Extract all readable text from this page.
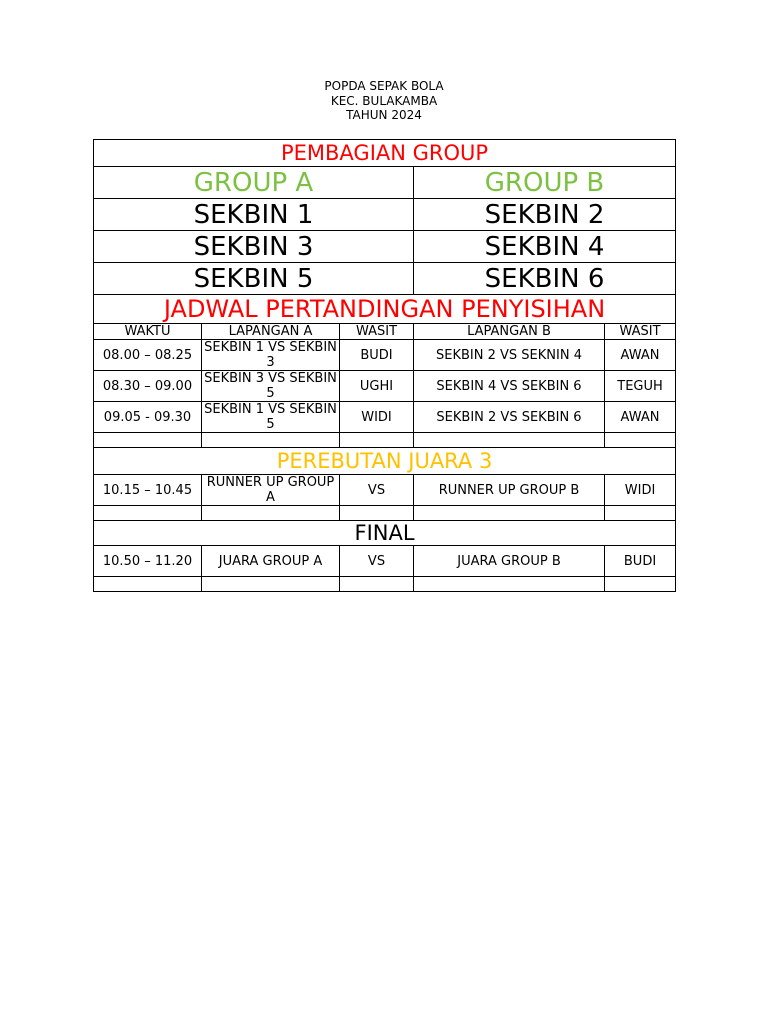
POPDA SEPAK BOLA
KEC. BULAKAMBA
TAHUN 2024
PEMBAGIAN GROUP				
GROUP A			GROUP B	
SEKBIN 1			SEKBIN 2	
SEKBIN 3			SEKBIN 4	
SEKBIN 5			SEKBIN 6	
JADWAL PERTANDINGAN PENYISIHAN				
WAKTU	LAPANGAN A	WASIT	LAPANGAN B	WASIT
08.00 – 08.25	SEKBIN 1 VS SEKBIN 3	BUDI	SEKBIN 2 VS SEKNIN 4	AWAN
08.30 – 09.00	SEKBIN 3 VS SEKBIN 5	UGHI	SEKBIN 4 VS SEKBIN 6	TEGUH
09.05 - 09.30	SEKBIN 1 VS SEKBIN 5	WIDI	SEKBIN 2 VS SEKBIN 6	AWAN

PEREBUTAN JUARA 3				
10.15 – 10.45	RUNNER UP GROUP A	VS	RUNNER UP GROUP B	WIDI

FINAL				
10.50 – 11.20	JUARA GROUP A	VS	JUARA GROUP B	BUDI
